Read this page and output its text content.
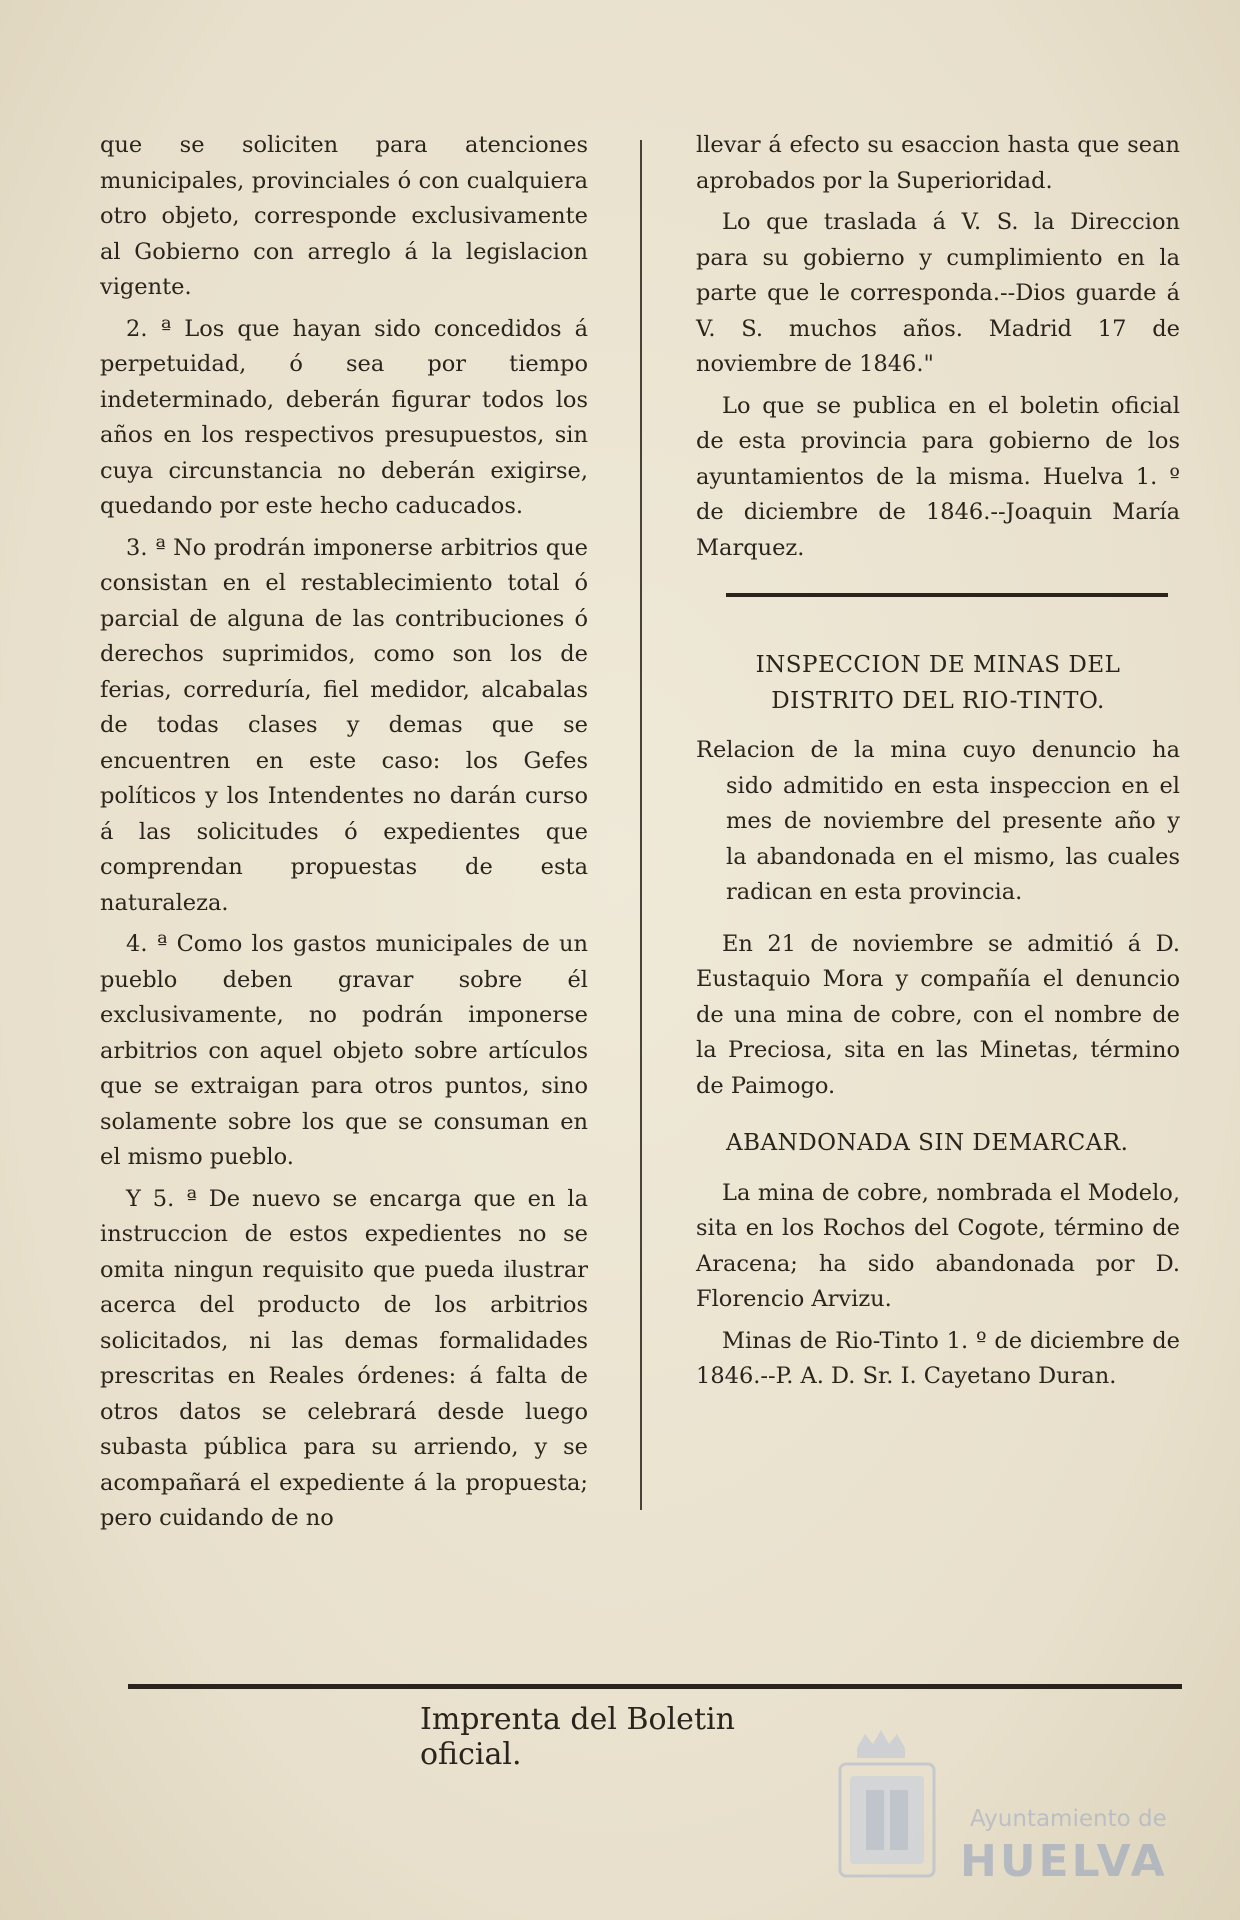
que se soliciten para atenciones municipales, provinciales ó con cualquiera otro objeto, corresponde exclusivamente al Gobierno con arreglo á la legislacion vigente.

2. ª Los que hayan sido concedidos á perpetuidad, ó sea por tiempo indeterminado, deberán figurar todos los años en los respectivos presupuestos, sin cuya circunstancia no deberán exigirse, quedando por este hecho caducados.

3. ª No prodrán imponerse arbitrios que consistan en el restablecimiento total ó parcial de alguna de las contribuciones ó derechos suprimidos, como son los de ferias, correduría, fiel medidor, alcabalas de todas clases y demas que se encuentren en este caso: los Gefes políticos y los Intendentes no darán curso á las solicitudes ó expedientes que comprendan propuestas de esta naturaleza.

4. ª Como los gastos municipales de un pueblo deben gravar sobre él exclusivamente, no podrán imponerse arbitrios con aquel objeto sobre artículos que se extraigan para otros puntos, sino solamente sobre los que se consuman en el mismo pueblo.

Y 5. ª De nuevo se encarga que en la instruccion de estos expedientes no se omita ningun requisito que pueda ilustrar acerca del producto de los arbitrios solicitados, ni las demas formalidades prescritas en Reales órdenes: á falta de otros datos se celebrará desde luego subasta pública para su arriendo, y se acompañará el expediente á la propuesta; pero cuidando de no

llevar á efecto su esaccion hasta que sean aprobados por la Superioridad.

Lo que traslada á V. S. la Direccion para su gobierno y cumplimiento en la parte que le corresponda.--Dios guarde á V. S. muchos años. Madrid 17 de noviembre de 1846."

Lo que se publica en el boletin oficial de esta provincia para gobierno de los ayuntamientos de la misma. Huelva 1. º de diciembre de 1846.--Joaquin María Marquez.

INSPECCION DE MINAS DEL DISTRITO DEL RIO-TINTO.

Relacion de la mina cuyo denuncio ha sido admitido en esta inspeccion en el mes de noviembre del presente año y la abandonada en el mismo, las cuales radican en esta provincia.

En 21 de noviembre se admitió á D. Eustaquio Mora y compañía el denuncio de una mina de cobre, con el nombre de la Preciosa, sita en las Minetas, término de Paimogo.

ABANDONADA SIN DEMARCAR.

La mina de cobre, nombrada el Modelo, sita en los Rochos del Cogote, término de Aracena; ha sido abandonada por D. Florencio Arvizu.

Minas de Rio-Tinto 1. º de diciembre de 1846.--P. A. D. Sr. I. Cayetano Duran.

Imprenta del Boletin oficial.
Ayuntamiento de
HUELVA
